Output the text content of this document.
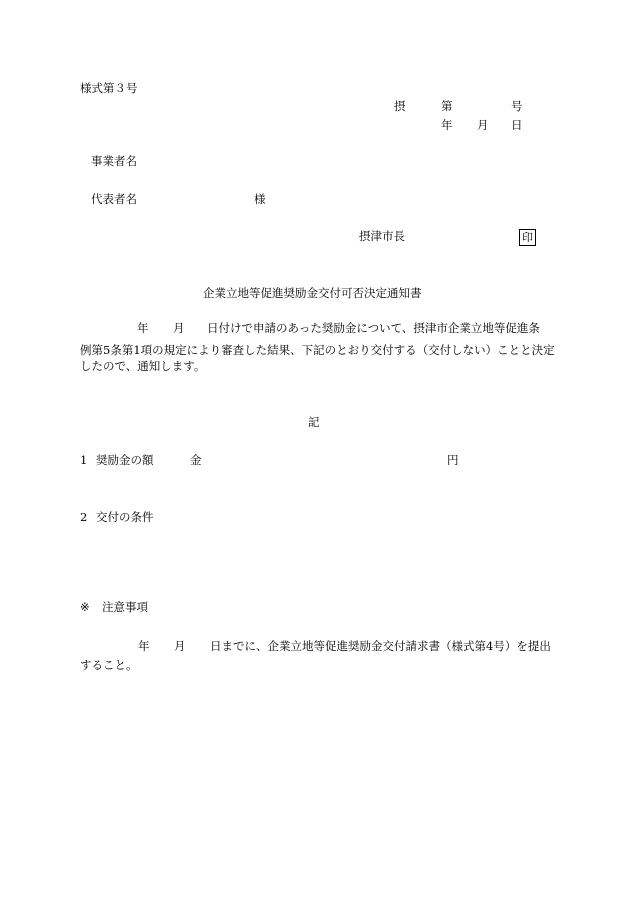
様式第３号
摂	第	号
年 月 日
事業者名
代表者名	様
摂津市長	印
企業立地等促進奨励金交付可否決定通知書
年 月 日付けで申請のあった奨励金について、摂津市企業立地等促進条
例第5条第1項の規定により審査した結果、下記のとおり交付する（交付しない）ことと決定
したので、通知します。
記
1 奨励金の額	金	円
2 交付の条件
※ 注意事項
年 月 日までに、企業立地等促進奨励金交付請求書（様式第4号）を提出
すること。
